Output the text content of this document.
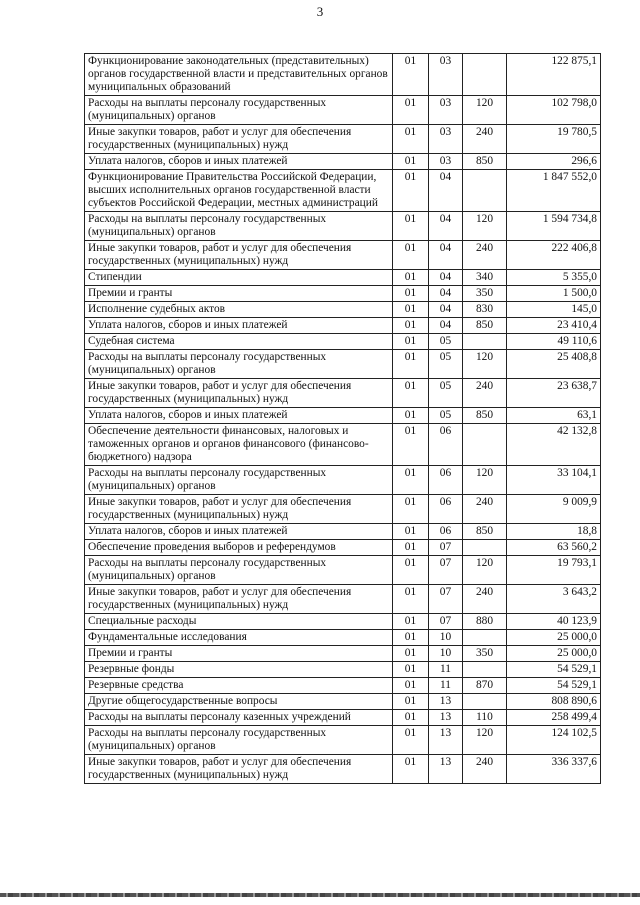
3
Функционирование законодательных (представительных) органов государственной власти и представительных органов муниципальных образований	01	03		122 875,1
Расходы на выплаты персоналу государственных (муниципальных) органов	01	03	120	102 798,0
Иные закупки товаров, работ и услуг для обеспечения государственных (муниципальных) нужд	01	03	240	19 780,5
Уплата налогов, сборов и иных платежей	01	03	850	296,6
Функционирование Правительства Российской Федерации, высших исполнительных органов государственной власти субъектов Российской Федерации, местных администраций	01	04		1 847 552,0
Расходы на выплаты персоналу государственных (муниципальных) органов	01	04	120	1 594 734,8
Иные закупки товаров, работ и услуг для обеспечения государственных (муниципальных) нужд	01	04	240	222 406,8
Стипендии	01	04	340	5 355,0
Премии и гранты	01	04	350	1 500,0
Исполнение судебных актов	01	04	830	145,0
Уплата налогов, сборов и иных платежей	01	04	850	23 410,4
Судебная система	01	05		49 110,6
Расходы на выплаты персоналу государственных (муниципальных) органов	01	05	120	25 408,8
Иные закупки товаров, работ и услуг для обеспечения государственных (муниципальных) нужд	01	05	240	23 638,7
Уплата налогов, сборов и иных платежей	01	05	850	63,1
Обеспечение деятельности финансовых, налоговых и таможенных органов и органов финансового (финансово-бюджетного) надзора	01	06		42 132,8
Расходы на выплаты персоналу государственных (муниципальных) органов	01	06	120	33 104,1
Иные закупки товаров, работ и услуг для обеспечения государственных (муниципальных) нужд	01	06	240	9 009,9
Уплата налогов, сборов и иных платежей	01	06	850	18,8
Обеспечение проведения выборов и референдумов	01	07		63 560,2
Расходы на выплаты персоналу государственных (муниципальных) органов	01	07	120	19 793,1
Иные закупки товаров, работ и услуг для обеспечения государственных (муниципальных) нужд	01	07	240	3 643,2
Специальные расходы	01	07	880	40 123,9
Фундаментальные исследования	01	10		25 000,0
Премии и гранты	01	10	350	25 000,0
Резервные фонды	01	11		54 529,1
Резервные средства	01	11	870	54 529,1
Другие общегосударственные вопросы	01	13		808 890,6
Расходы на выплаты персоналу казенных учреждений	01	13	110	258 499,4
Расходы на выплаты персоналу государственных (муниципальных) органов	01	13	120	124 102,5
Иные закупки товаров, работ и услуг для обеспечения государственных (муниципальных) нужд	01	13	240	336 337,6
